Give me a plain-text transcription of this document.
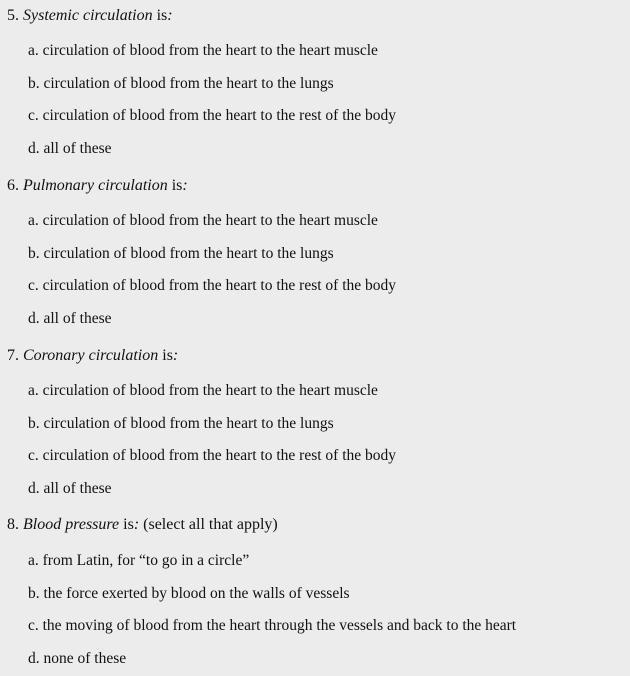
5. Systemic circulation is:
a. circulation of blood from the heart to the heart muscle
b. circulation of blood from the heart to the lungs
c. circulation of blood from the heart to the rest of the body
d. all of these
6. Pulmonary circulation is:
a. circulation of blood from the heart to the heart muscle
b. circulation of blood from the heart to the lungs
c. circulation of blood from the heart to the rest of the body
d. all of these
7. Coronary circulation is:
a. circulation of blood from the heart to the heart muscle
b. circulation of blood from the heart to the lungs
c. circulation of blood from the heart to the rest of the body
d. all of these
8. Blood pressure is: (select all that apply)
a. from Latin, for “to go in a circle”
b. the force exerted by blood on the walls of vessels
c. the moving of blood from the heart through the vessels and back to the heart
d. none of these
